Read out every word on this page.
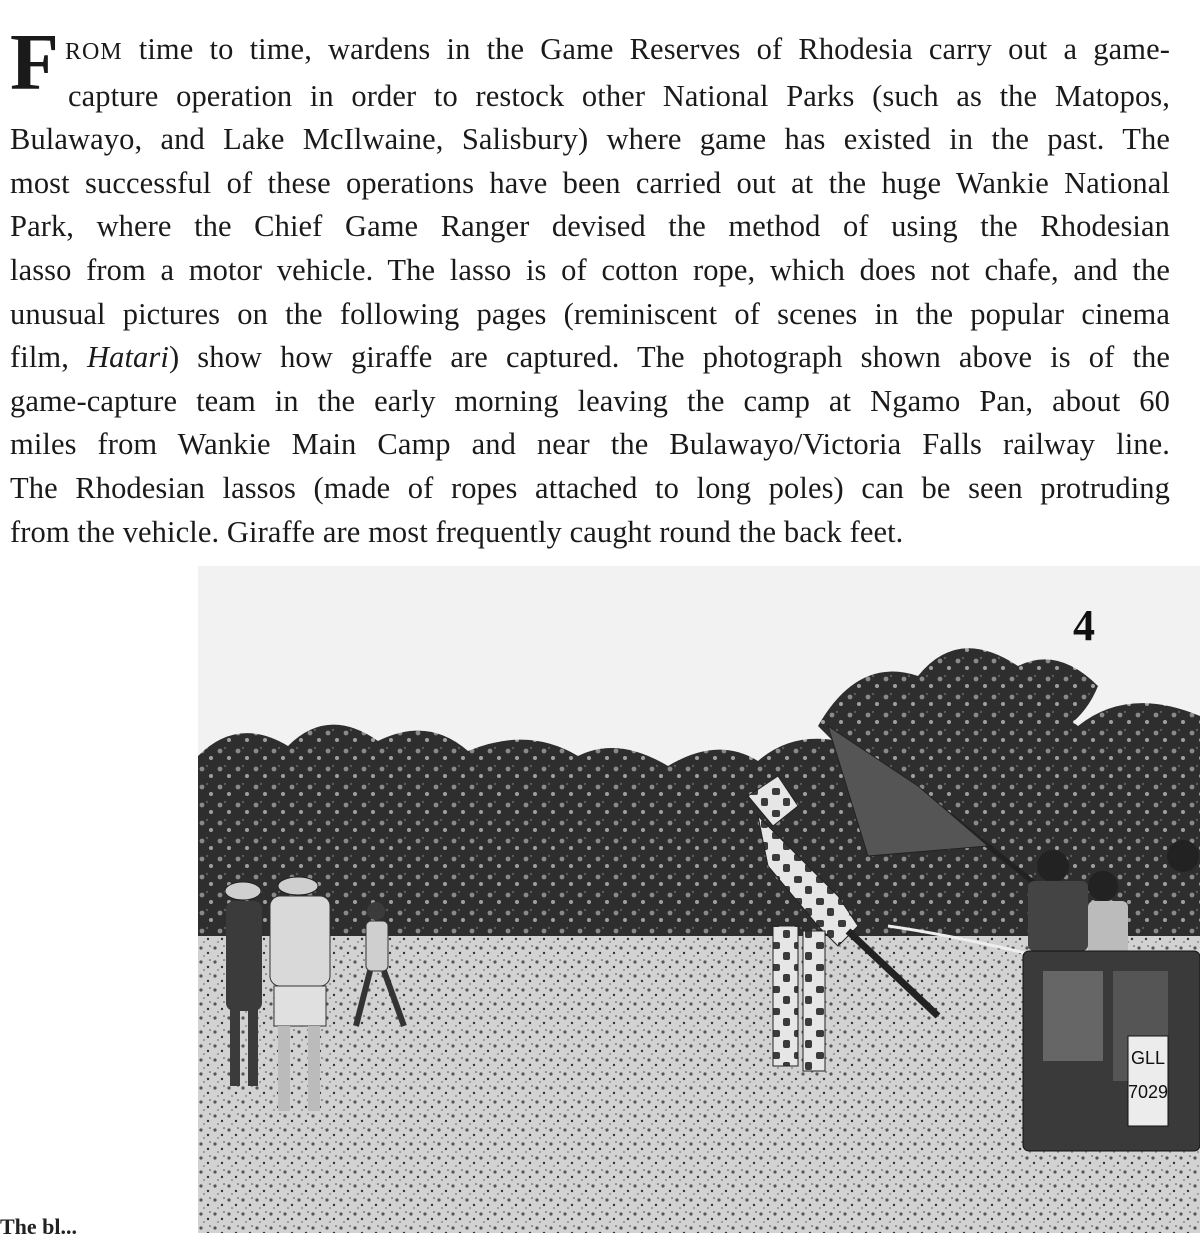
F ROM time to time, wardens in the Game Reserves of Rhodesia carry out a game-
capture operation in order to restock other National Parks (such as the Matopos,
Bulawayo, and Lake McIlwaine, Salisbury) where game has existed in the past. The
most successful of these operations have been carried out at the huge Wankie National
Park, where the Chief Game Ranger devised the method of using the Rhodesian
lasso from a motor vehicle. The lasso is of cotton rope, which does not chafe, and the
unusual pictures on the following pages (reminiscent of scenes in the popular cinema
film, Hatari) show how giraffe are captured. The photograph shown above is of the
game-capture team in the early morning leaving the camp at Ngamo Pan, about 60
miles from Wankie Main Camp and near the Bulawayo/Victoria Falls railway line.
The Rhodesian lassos (made of ropes attached to long poles) can be seen protruding
from the vehicle. Giraffe are most frequently caught round the back feet.
GLL
7029
4
The bl...
